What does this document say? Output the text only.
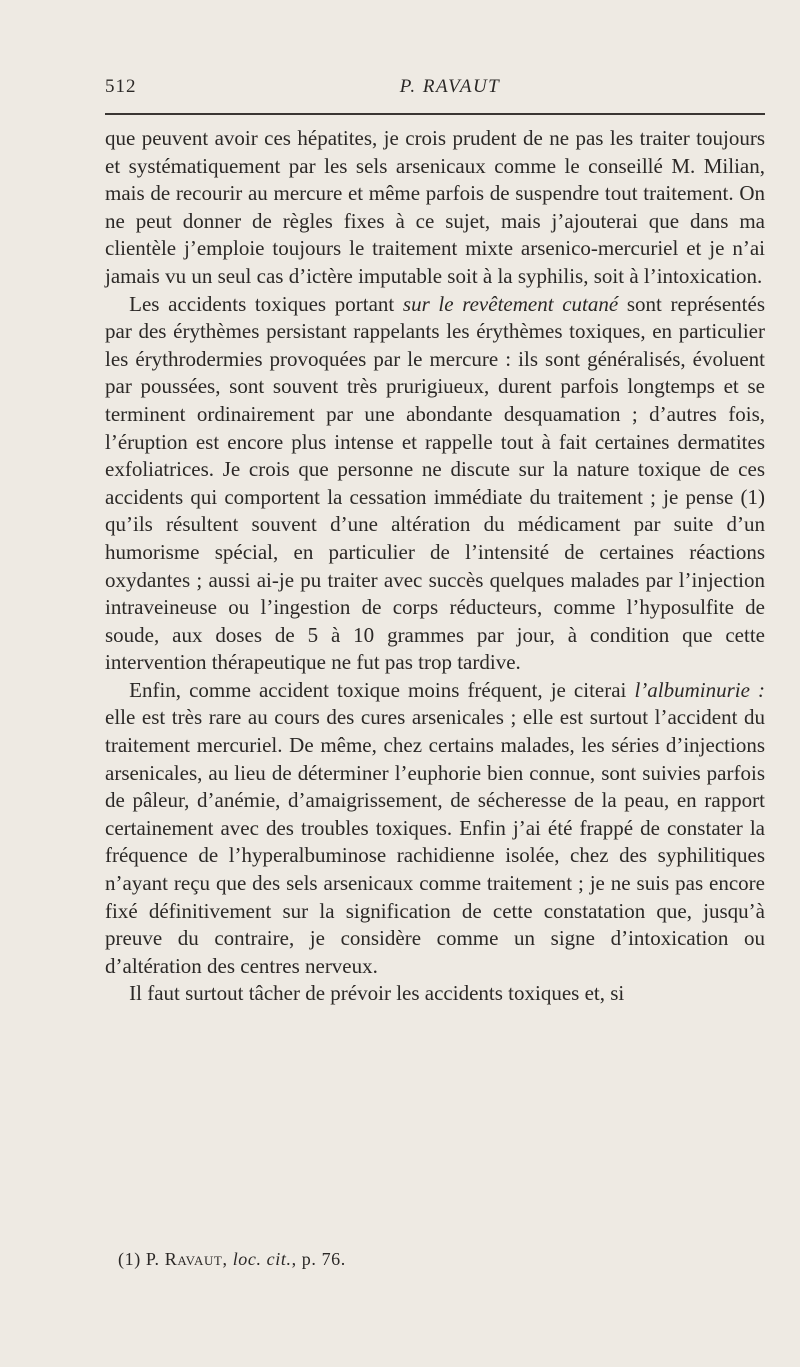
512	P. RAVAUT

que peuvent avoir ces hépatites, je crois prudent de ne pas les traiter toujours et systématiquement par les sels arsenicaux comme le conseillé M. Milian, mais de recourir au mercure et même parfois de suspendre tout traitement. On ne peut donner de règles fixes à ce sujet, mais j’ajouterai que dans ma clientèle j’emploie toujours le traitement mixte arsenico-mercuriel et je n’ai jamais vu un seul cas d’ictère imputable soit à la syphilis, soit à l’intoxication.

Les accidents toxiques portant sur le revêtement cutané sont représentés par des érythèmes persistant rappelants les érythèmes toxiques, en particulier les érythrodermies provoquées par le mercure : ils sont généralisés, évoluent par poussées, sont souvent très prurigiueux, durent parfois longtemps et se terminent ordinairement par une abondante desquamation ; d’autres fois, l’éruption est encore plus intense et rappelle tout à fait certaines dermatites exfoliatrices. Je crois que personne ne discute sur la nature toxique de ces accidents qui comportent la cessation immédiate du traitement ; je pense (1) qu’ils résultent souvent d’une altération du médicament par suite d’un humorisme spécial, en particulier de l’intensité de certaines réactions oxydantes ; aussi ai-je pu traiter avec succès quelques malades par l’injection intraveineuse ou l’ingestion de corps réducteurs, comme l’hyposulfite de soude, aux doses de 5 à 10 grammes par jour, à condition que cette intervention thérapeutique ne fut pas trop tardive.

Enfin, comme accident toxique moins fréquent, je citerai l’albuminurie : elle est très rare au cours des cures arsenicales ; elle est surtout l’accident du traitement mercuriel. De même, chez certains malades, les séries d’injections arsenicales, au lieu de déterminer l’euphorie bien connue, sont suivies parfois de pâleur, d’anémie, d’amaigrissement, de sécheresse de la peau, en rapport certainement avec des troubles toxiques. Enfin j’ai été frappé de constater la fréquence de l’hyperalbuminose rachidienne isolée, chez des syphilitiques n’ayant reçu que des sels arsenicaux comme traitement ; je ne suis pas encore fixé définitivement sur la signification de cette constatation que, jusqu’à preuve du contraire, je considère comme un signe d’intoxication ou d’altération des centres nerveux.

Il faut surtout tâcher de prévoir les accidents toxiques et, si

(1) P. Ravaut, loc. cit., p. 76.
